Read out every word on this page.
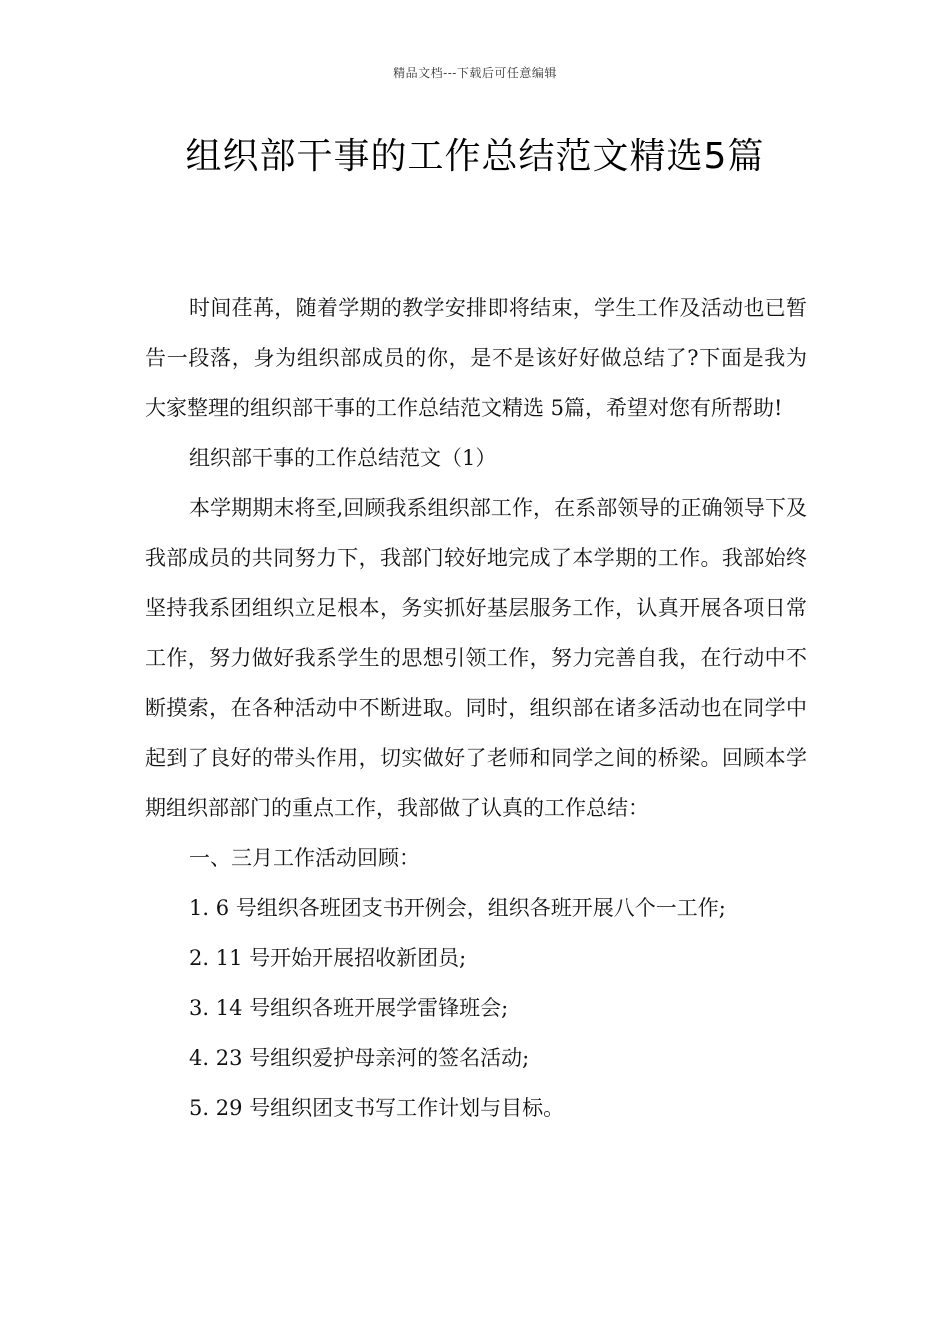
精品文档---下载后可任意编辑
组织部干事的工作总结范文精选5篇

时间荏苒，随着学期的教学安排即将结束，学生工作及活动也已暂告一段落，身为组织部成员的你，是不是该好好做总结了?下面是我为大家整理的组织部干事的工作总结范文精选 5篇，希望对您有所帮助!

组织部干事的工作总结范文（1）

本学期期末将至,回顾我系组织部工作，在系部领导的正确领导下及我部成员的共同努力下，我部门较好地完成了本学期的工作。我部始终坚持我系团组织立足根本，务实抓好基层服务工作，认真开展各项日常工作，努力做好我系学生的思想引领工作，努力完善自我，在行动中不断摸索，在各种活动中不断进取。同时，组织部在诸多活动也在同学中起到了良好的带头作用，切实做好了老师和同学之间的桥梁。回顾本学期组织部部门的重点工作，我部做了认真的工作总结：

一、三月工作活动回顾：

1. 6 号组织各班团支书开例会，组织各班开展八个一工作;

2. 11 号开始开展招收新团员;

3. 14 号组织各班开展学雷锋班会;

4. 23 号组织爱护母亲河的签名活动;

5. 29 号组织团支书写工作计划与目标。
